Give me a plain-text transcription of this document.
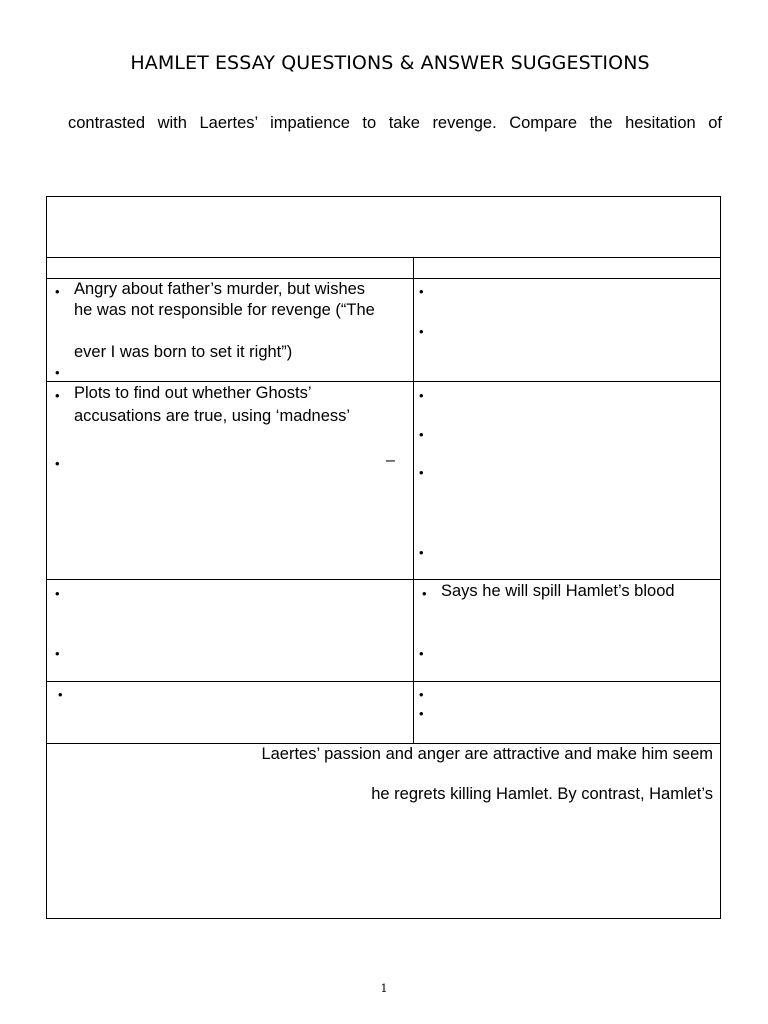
HAMLET ESSAY QUESTIONS & ANSWER SUGGESTIONS
contrasted with Laertes’ impatience to take revenge. Compare the hesitation of
• Angry about father’s murder, but wishes
he was not responsible for revenge (“The
ever I was born to set it right”)
•
•
•
• Plots to find out whether Ghosts’
accusations are true, using ‘madness’
•	–
•
•
•
•
•
•
• Says he will spill Hamlet’s blood
•
•	•
•
Laertes’ passion and anger are attractive and make him seem
he regrets killing Hamlet. By contrast, Hamlet’s
1
